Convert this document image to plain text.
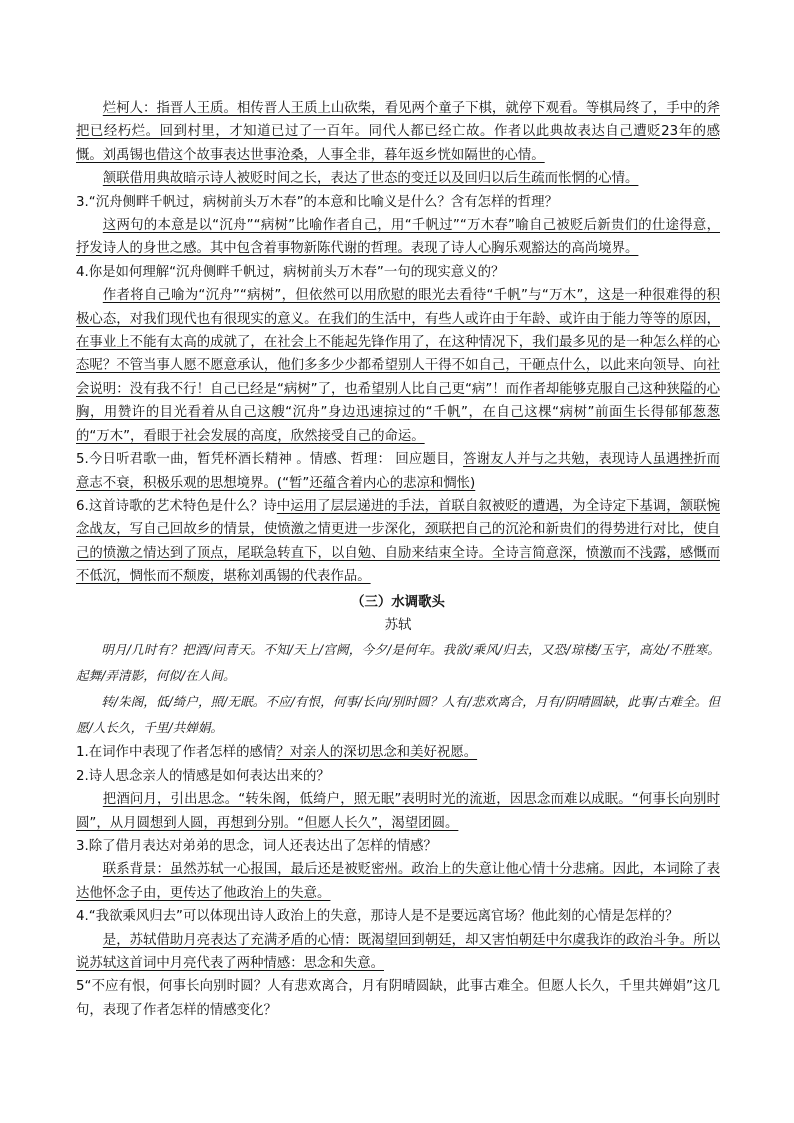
烂柯人：指晋人王质。相传晋人王质上山砍柴，看见两个童子下棋，就停下观看。等棋局终了，手中的斧把已经朽烂。回到村里，才知道已过了一百年。同代人都已经亡故。作者以此典故表达自己遭贬23年的感慨。刘禹锡也借这个故事表达世事沧桑，人事全非，暮年返乡恍如隔世的心情。

颔联借用典故暗示诗人被贬时间之长，表达了世态的变迁以及回归以后生疏而怅惘的心情。

3.“沉舟侧畔千帆过，病树前头万木春”的本意和比喻义是什么？含有怎样的哲理？

这两句的本意是以“沉舟”“病树”比喻作者自己，用“千帆过”“万木春”喻自己被贬后新贵们的仕途得意，抒发诗人的身世之感。其中包含着事物新陈代谢的哲理。表现了诗人心胸乐观豁达的高尚境界。

4.你是如何理解“沉舟侧畔千帆过，病树前头万木春”一句的现实意义的？

作者将自己喻为“沉舟”“病树”，但依然可以用欣慰的眼光去看待“千帆”与“万木”，这是一种很难得的积极心态，对我们现代也有很现实的意义。在我们的生活中，有些人或许由于年龄、或许由于能力等等的原因，在事业上不能有太高的成就了，在社会上不能起先锋作用了，在这种情况下，我们最多见的是一种怎么样的心态呢？不管当事人愿不愿意承认，他们多多少少都希望别人干得不如自己，干砸点什么，以此来向领导、向社会说明：没有我不行！自己已经是“病树”了，也希望别人比自己更“病”！而作者却能够克服自己这种狭隘的心胸，用赞许的目光看着从自己这艘“沉舟”身边迅速掠过的“千帆”，在自己这棵“病树”前面生长得郁郁葱葱的“万木”，看眼于社会发展的高度，欣然接受自己的命运。

5.今日听君歌一曲，暂凭杯酒长精神 。情感、哲理： 回应题目，答谢友人并与之共勉，表现诗人虽遇挫折而意志不衰，积极乐观的思想境界。(“暂”还蕴含着内心的悲凉和惆怅)

6.这首诗歌的艺术特色是什么？诗中运用了层层递进的手法，首联自叙被贬的遭遇，为全诗定下基调，颔联惋念战友，写自己回故乡的情景，使愤激之情更进一步深化，颈联把自己的沉沦和新贵们的得势进行对比，使自己的愤激之情达到了顶点，尾联急转直下，以自勉、自励来结束全诗。全诗言简意深，愤激而不浅露，感慨而不低沉，惆怅而不颓废，堪称刘禹锡的代表作品。

（三）水调歌头

苏轼

明月/几时有？把酒/问青天。不知/天上/宫阙，今夕/是何年。我欲/乘风/归去，又恐/琼楼/玉宇，高处/不胜寒。起舞/弄清影，何似/在人间。

转/朱阁，低/绮户，照/无眠。不应/有恨，何事/长向/别时圆？人有/悲欢离合，月有/阴晴圆缺，此事/古难全。但愿/人长久，千里/共婵娟。

1.在词作中表现了作者怎样的感情？对亲人的深切思念和美好祝愿。

2.诗人思念亲人的情感是如何表达出来的？

把酒问月，引出思念。“转朱阁，低绮户，照无眠”表明时光的流逝，因思念而难以成眠。“何事长向别时圆”，从月圆想到人圆，再想到分别。“但愿人长久”，渴望团圆。

3.除了借月表达对弟弟的思念，词人还表达出了怎样的情感？

联系背景：虽然苏轼一心报国，最后还是被贬密州。政治上的失意让他心情十分悲痛。因此，本词除了表达他怀念子由，更传达了他政治上的失意。

4.“我欲乘风归去”可以体现出诗人政治上的失意，那诗人是不是要远离官场？他此刻的心情是怎样的？

是，苏轼借助月亮表达了充满矛盾的心情：既渴望回到朝廷，却又害怕朝廷中尔虞我诈的政治斗争。所以说苏轼这首词中月亮代表了两种情感：思念和失意。

5“不应有恨，何事长向别时圆？人有悲欢离合，月有阴晴圆缺，此事古难全。但愿人长久，千里共婵娟”这几句，表现了作者怎样的情感变化？
